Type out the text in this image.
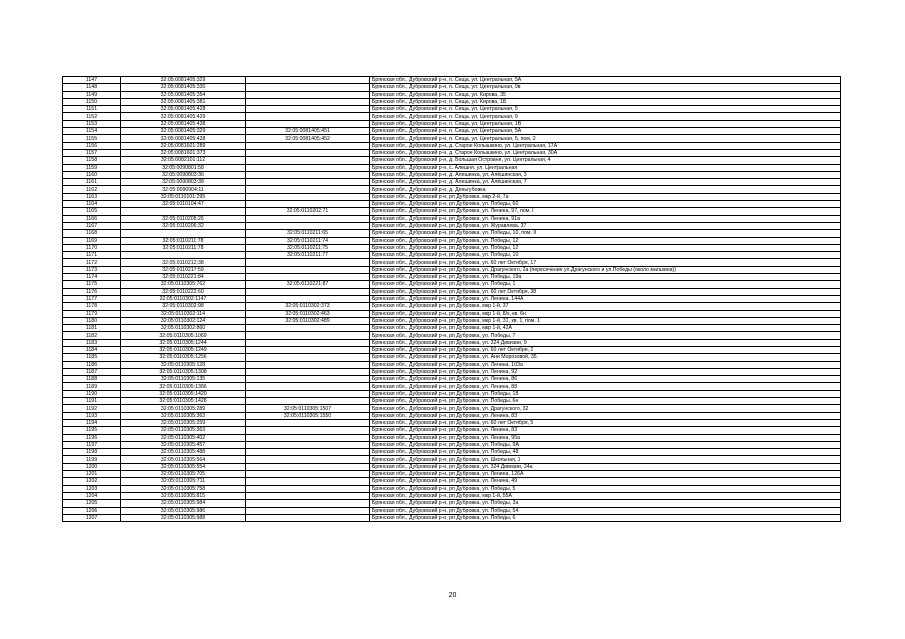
1147	32:05:0081405:329		Брянская обл., Дубровский р-н, п. Сеща, ул. Центральная, 5А
1148	32:05:0081405:330		Брянская обл., Дубровский р-н, п. Сеща, ул. Центральная, 9в
1149	32:05:0081405:354		Брянская обл., Дубровский р-н, п. Сеща, ул. Кирова, 35
1150	32:05:0081405:381		Брянская обл., Дубровский р-н, п. Сеща, ул. Кирова, 1Б
1151	32:05:0081405:428		Брянская обл., Дубровский р-н, п. Сеща, ул. Центральная, 5
1152	32:05:0081405:429		Брянская обл., Дубровский р-н, п. Сеща, ул. Центральная, 9
1153	32:05:0081405:438		Брянская обл., Дубровский р-н, п. Сеща, ул. Центральная, 1В
1154	32:05:0081405:329	32:05:0081405:451	Брянская обл., Дубровский р-н, п. Сеща, ул. Центральная, 5А
1155	32:05:0081405:428	32:05:0081405:452	Брянская обл., Дубровский р-н, п. Сеща, ул. Центральная, 5, пом. 2
1156	32:05:0081601:289		Брянская обл., Дубровский р-н, д. Старое Колышкино, ул. Центральная, 17А
1157	32:05:0081601:373		Брянская обл., Дубровский р-н, д. Старое Колышкино, ул. Центральная, 30А
1158	32:05:0082101:112		Брянская обл., Дубровский р-н, д. Большая Островня, ул. Центральная, 4
1159	32:05:0090801:58		Брянская обл., Дубровский р-н, с. Алешня, ул. Центральная
1160	32:05:0090803:36		Брянская обл., Дубровский р-н, д. Алешинка, ул. Алёшинская, 3
1161	32:05:0090803:38		Брянская обл., Дубровский р-н, д. Алешинка, ул. Алёшинская, 7
1162	32:05:0090904:11		Брянская обл., Дубровский р-н, д. Деньгубовка
1163	32:05:0110101:295		Брянская обл., Дубровский р-н, рп Дубровка, мкр 2-й, 7а
1164	32:05:0110104:47		Брянская обл., Дубровский р-н, рп Дубровка, ул. Победы, 60
1165		32:05:0110202:71	Брянская обл., Дубровский р-н, рп Дубровка, ул. Ленина, 97, пом. I
1166	32:05:0110205:26		Брянская обл., Дубровский р-н, рп Дубровка, ул. Ленина, 91а
1167	32:05:0110206:32		Брянская обл., Дубровский р-н, рп Дубровка, ул. Журавлева, 37
1168		32:05:0110211:65	Брянская обл., Дубровский р-н, рп Дубровка, ул. Победы, 10, пом. II
1169	32:05:0110211:78	32:05:0110211:74	Брянская обл., Дубровский р-н, рп Дубровка, ул. Победы, 12
1170	32:05:0110211:78	32:05:0110211:75	Брянская обл., Дубровский р-н, рп Дубровка, ул. Победы, 12
1171		32:05:0110211:77	Брянская обл., Дубровский р-н, рп Дубровка, ул. Победы, 10
1172	32:05:0110212:38		Брянская обл., Дубровский р-н, рп Дубровка, ул. 60 лет Октября, 17
1173	32:05:0110217:59		Брянская обл., Дубровский р-н, рп Дубровка, ул. Драгунского, 2а (пересечение ул.Драгунского и ул.Победы (около магазина))
1174	32:05:0110221:84		Брянская обл., Дубровский р-н, рп Дубровка, ул. Победы, 19а
1175	32:05:0110305:762	32:05:0110221:87	Брянская обл., Дубровский р-н, рп Дубровка, ул. Победы, 1
1176	32:05:0110222:60		Брянская обл., Дубровский р-н, рп Дубровка, ул. 60 лет Октября, 38
1177	32:05:0110302:1147		Брянская обл., Дубровский р-н, рп Дубровка, ул. Ленина, 144А
1178	32:05:0110302:98	32:05:0110302:373	Брянская обл., Дубровский р-н, рп Дубровка, мкр 1-й, 37
1179	32:05:0110302:114	32:05:0110302:463	Брянская обл., Дубровский р-н, рп Дубровка, мкр 1-й, 8/к, кв. 6н
1180	32:05:0110302:124	32:05:0110302:489	Брянская обл., Дубровский р-н, рп Дубровка, мкр 1-й, 31, кв. 1, пом. 1
1181	32:05:0110302:860		Брянская обл., Дубровский р-н, рп Дубровка, мкр 1-й, 42А
1182	32:05:0110305:1069		Брянская обл., Дубровский р-н, рп Дубровка, ул. Победы, 7
1183	32:05:0110305:1244		Брянская обл., Дубровский р-н, рп Дубровка, ул. 324 Дивизии, 9
1184	32:05:0110305:1249		Брянская обл., Дубровский р-н, рп Дубровка, ул. 60 лет Октября, 2
1185	32:05:0110305:1256		Брянская обл., Дубровский р-н, рп Дубровка, ул. Ани Морозовой, 35
1186	32:05:0110305:128		Брянская обл., Дубровский р-н, рп Дубровка, ул. Ленина, 103а
1187	32:05:0110305:1308		Брянская обл., Дубровский р-н, рп Дубровка, ул. Ленина, 92
1188	32:05:0110305:135		Брянская обл., Дубровский р-н, рп Дубровка, ул. Ленина, 86
1189	32:05:0110305:1386		Брянская обл., Дубровский р-н, рп Дубровка, ул. Ленина, 88
1190	32:05:0110305:1420		Брянская обл., Дубровский р-н, рп Дубровка, ул. Победы, 18
1191	32:05:0110305:1428		Брянская обл., Дубровский р-н, рп Дубровка, ул. Победы, 6н
1192	32:05:0110305:289	32:05:0110305:1507	Брянская обл., Дубровский р-н, рп Дубровка, ул. Драгунского, 32
1193	32:05:0110305:363	32:05:0110305:1550	Брянская обл., Дубровский р-н, рп Дубровка, ул. Ленина, 83
1194	32:05:0110305:259		Брянская обл., Дубровский р-н, рп Дубровка, ул. 60 лет Октября, 5
1195	32:05:0110305:363		Брянская обл., Дубровский р-н, рп Дубровка, ул. Ленина, 83
1196	32:05:0110305:402		Брянская обл., Дубровский р-н, рп Дубровка, ул. Ленина, 95а
1197	32:05:0110305:457		Брянская обл., Дубровский р-н, рп Дубровка, ул. Победы, 9А
1198	32:05:0110305:488		Брянская обл., Дубровский р-н, рп Дубровка, ул. Победы, 48
1199	32:05:0110305:564		Брянская обл., Дубровский р-н, рп Дубровка, ул. Школьная, 1
1200	32:05:0110305:554		Брянская обл., Дубровский р-н, рп Дубровка, ул. 324 Дивизии, 24а
1201	32:05:0110305:705		Брянская обл., Дубровский р-н, рп Дубровка, ул. Ленина, 126А
1202	32:05:0110305:711		Брянская обл., Дубровский р-н, рп Дубровка, ул. Ленина, 49
1203	32:05:0110305:758		Брянская обл., Дубровский р-н, рп Дубровка, ул. Победы, 5
1204	32:05:0110305:815		Брянская обл., Дубровский р-н, рп Дубровка, мкр 1-й, 55А
1205	32:05:0110305:984		Брянская обл., Дубровский р-н, рп Дубровка, ул. Победы, 3а
1206	32:05:0110305:986		Брянская обл., Дубровский р-н, рп Дубровка, ул. Победы, 54
1207	32:05:0110305:988		Брянская обл., Дубровский р-н, рп Дубровка, ул. Победы, 6
20
